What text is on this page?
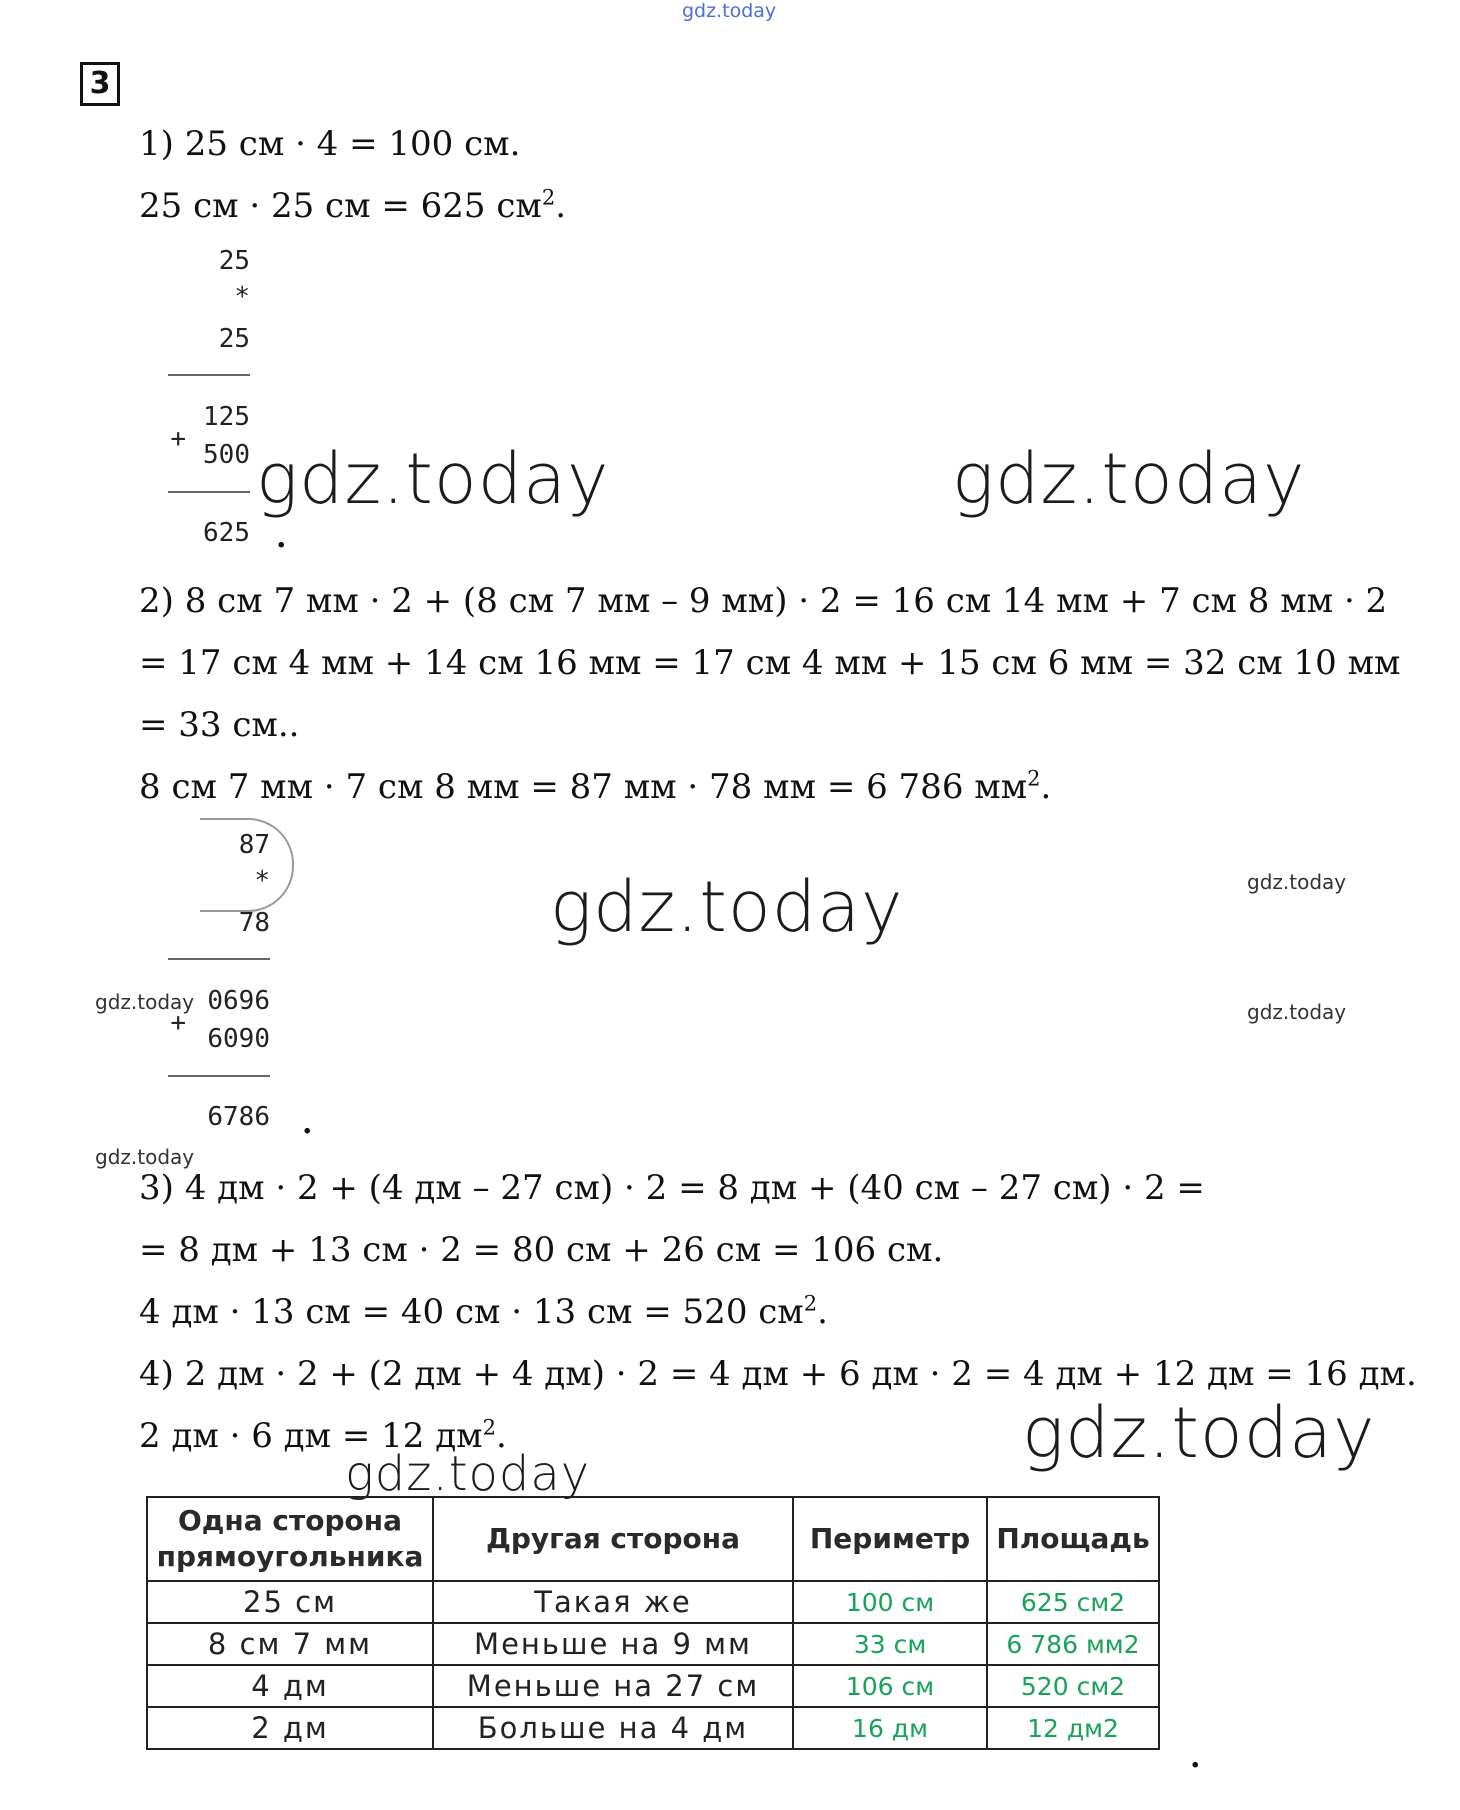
gdz.today
3
1) 25 см · 4 = 100 см.
25 см · 25 см = 625 $см^2$.
25
*
25
125
+
500
625 .
gdz.today	gdz.today
2) 8 см 7 мм · 2 + (8 см 7 мм – 9 мм) · 2 = 16 см 14 мм + 7 см 8 мм · 2
= 17 см 4 мм + 14 см 16 мм = 17 см 4 мм + 15 см 6 мм = 32 см 10 мм
= 33 см..
8 см 7 мм · 7 см 8 мм = 87 мм · 78 мм = 6 786 $мм^2$.
87
*
78
0696
+
6090
6786 .
gdz.today	gdz.today
gdz.today	gdz.today
gdz.today
3) 4 дм · 2 + (4 дм – 27 см) · 2 = 8 дм + (40 см – 27 см) · 2 =
= 8 дм + 13 см · 2 = 80 см + 26 см = 106 см.
4 дм · 13 см = 40 см · 13 см = 520 $см^2$.
4) 2 дм · 2 + (2 дм + 4 дм) · 2 = 4 дм + 6 дм · 2 = 4 дм + 12 дм = 16 дм.
2 дм · 6 дм = 12 $дм^2$.	gdz.today
gdz.today
Одна сторона прямоугольника	Другая сторона	Периметр	Площадь
25 см	Такая же	100 см	625 см2
8 см 7 мм	Меньше на 9 мм	33 см	6 786 мм2
4 дм	Меньше на 27 см	106 см	520 см2
2 дм	Больше на 4 дм	16 дм	12 дм2
.
